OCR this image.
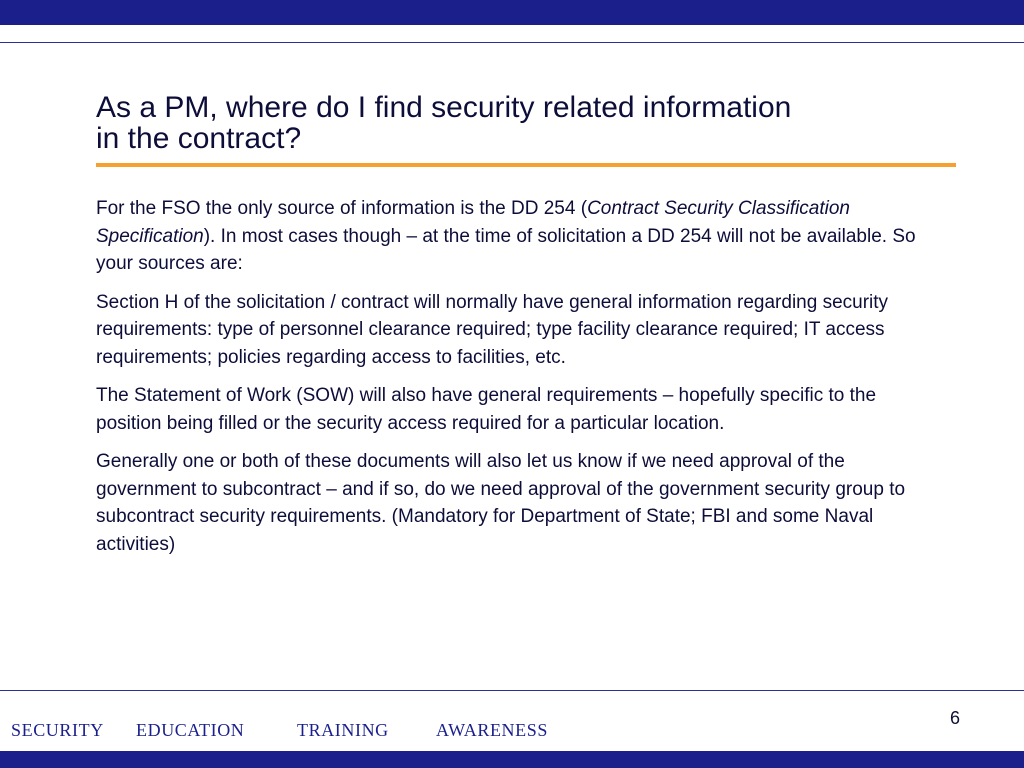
As a PM, where do I find security related information
in the contract?

For the FSO the only source of information is the DD 254 (Contract Security Classification Specification). In most cases though – at the time of solicitation a DD 254 will not be available. So your sources are:

Section H of the solicitation / contract will normally have general information regarding security requirements: type of personnel clearance required; type facility clearance required; IT access requirements; policies regarding access to facilities, etc.

The Statement of Work (SOW) will also have general requirements – hopefully specific to the position being filled or the security access required for a particular location.

Generally one or both of these documents will also let us know if we need approval of the government to subcontract – and if so, do we need approval of the government security group to subcontract security requirements. (Mandatory for Department of State; FBI and some Naval activities)

6
SECURITY EDUCATION	TRAINING	AWARENESS
